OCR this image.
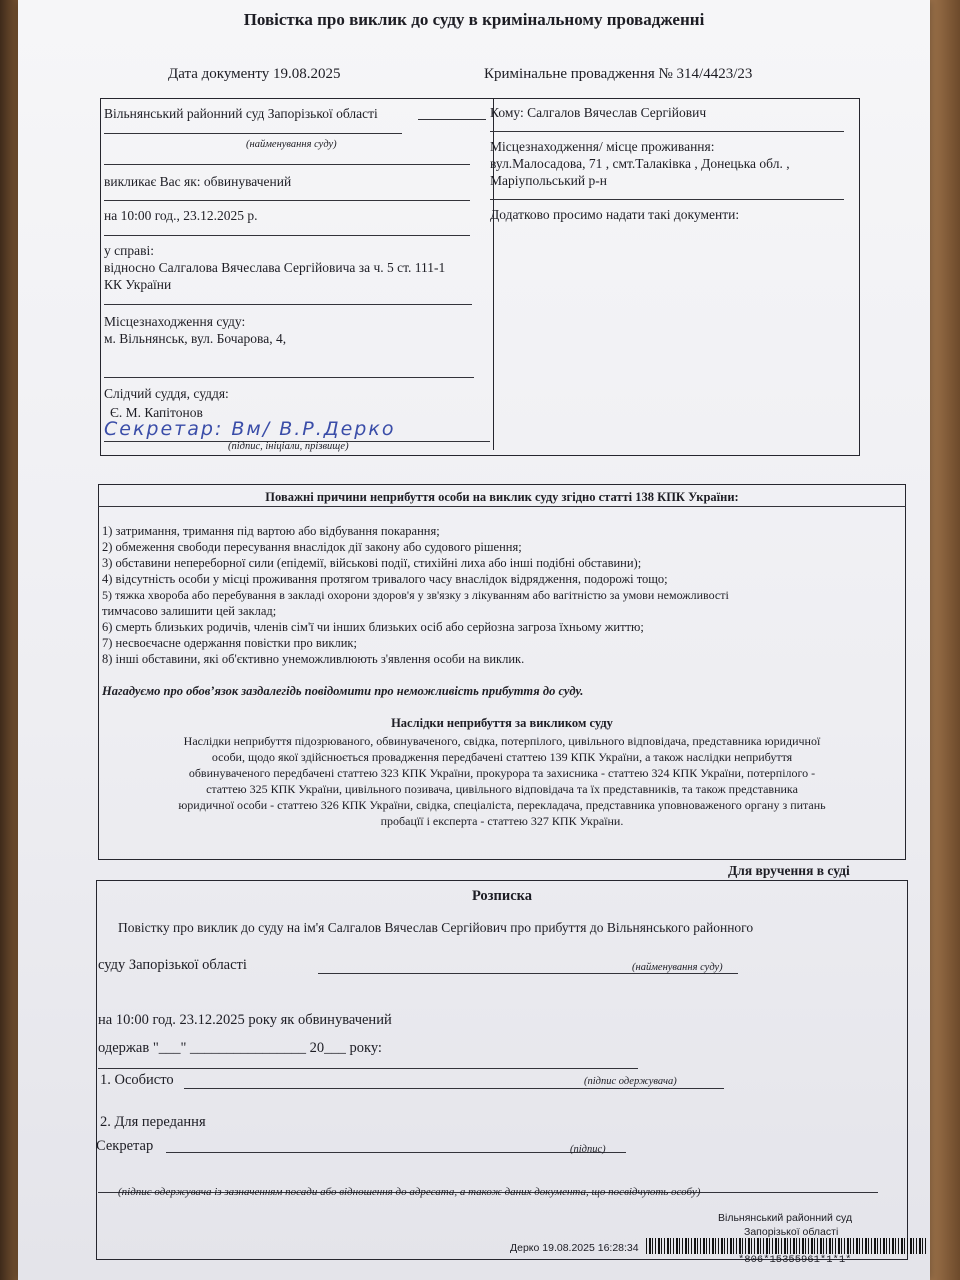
Повістка про виклик до суду в кримінальному провадженні
Дата документу 19.08.2025	Кримінальне провадження № 314/4423/23
Вільнянський районний суд Запорізької області
(найменування суду)
викликає Вас як: обвинувачений
на 10:00 год., 23.12.2025 р.
у справі:
відносно Салгалова Вячеслава Сергійовича за ч. 5 ст. 111-1
КК України
Місцезнаходження суду:
м. Вільнянськ, вул. Бочарова, 4,
Слідчий суддя, суддя:
Є. М. Капітонов
Секретар: Вм/ В.Р.Дерко
(підпис, ініціали, прізвище)
Кому: Салгалов Вячеслав Сергійович
Місцезнаходження/ місце проживання:
вул.Малосадова, 71 , смт.Талаківка , Донецька обл. ,
Маріупольський р-н
Додатково просимо надати такі документи:
Поважні причини неприбуття особи на виклик суду згідно статті 138 КПК України:
1) затримання, тримання під вартою або відбування покарання;
2) обмеження свободи пересування внаслідок дії закону або судового рішення;
3) обставини непереборної сили (епідемії, військові події, стихійні лиха або інші подібні обставини);
4) відсутність особи у місці проживання протягом тривалого часу внаслідок відрядження, подорожі тощо;
5) тяжка хвороба або перебування в закладі охорони здоров'я у зв'язку з лікуванням або вагітністю за умови неможливості
тимчасово залишити цей заклад;
6) смерть близьких родичів, членів сім'ї чи інших близьких осіб або серйозна загроза їхньому життю;
7) несвоєчасне одержання повістки про виклик;
8) інші обставини, які об'єктивно унеможливлюють з'явлення особи на виклик.
Нагадуємо про обов’язок заздалегідь повідомити про неможливість прибуття до суду.
Наслідки неприбуття за викликом суду
Наслідки неприбуття підозрюваного, обвинуваченого, свідка, потерпілого, цивільного відповідача, представника юридичної
особи, щодо якої здійснюється провадження передбачені статтею 139 КПК України, а також наслідки неприбуття
обвинуваченого передбачені статтею 323 КПК України, прокурора та захисника - статтею 324 КПК України, потерпілого -
статтею 325 КПК України, цивільного позивача, цивільного відповідача та їх представників, та також представника
юридичної особи - статтею 326 КПК України, свідка, спеціаліста, перекладача, представника уповноваженого органу з питань
пробацїї і експерта - статтею 327 КПК України.
Для вручення в суді
Розписка
Повістку про виклик до суду на ім'я Салгалов Вячеслав Сергійович про прибуття до Вільнянського районного
суду Запорізької області	(найменування суду)
на 10:00 год. 23.12.2025 року як обвинувачений
одержав "___" ________________ 20___ року:
1. Особисто	(підпис одержувача)
2. Для передання
Секретар	(підпис)
(підпис одержувача із зазначенням посади або відношення до адресата, а також даних документа, що посвідчують особу)
Вільнянський районний суд
Запорізької області
Дерко 19.08.2025 16:28:34
*806*15355961*1*1*
